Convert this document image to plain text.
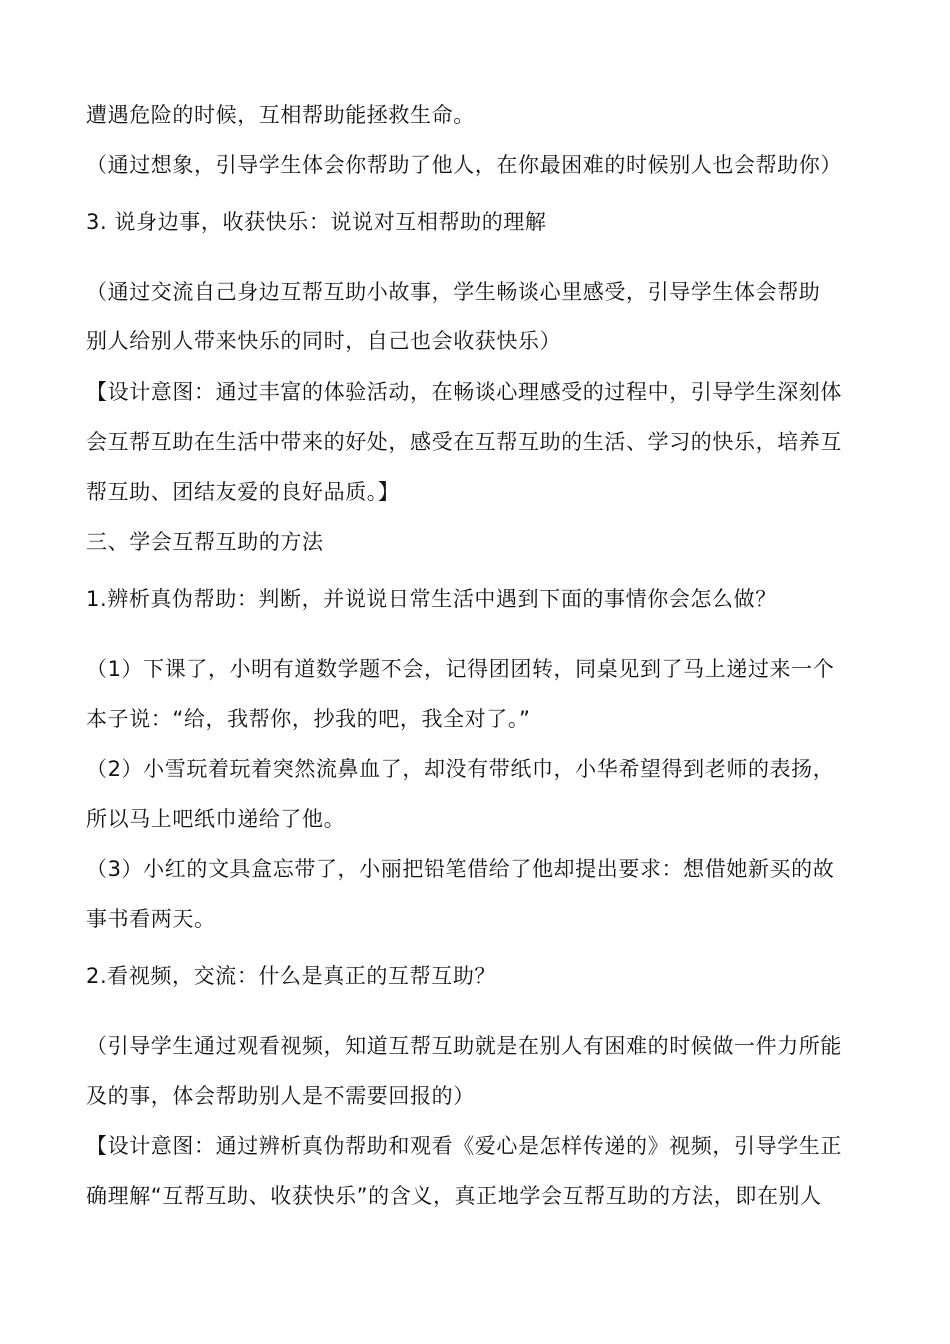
遭遇危险的时候，互相帮助能拯救生命。
（通过想象，引导学生体会你帮助了他人，在你最困难的时候别人也会帮助你）
3. 说身边事，收获快乐：说说对互相帮助的理解
（通过交流自己身边互帮互助小故事，学生畅谈心里感受，引导学生体会帮助
别人给别人带来快乐的同时，自己也会收获快乐）
【设计意图：通过丰富的体验活动，在畅谈心理感受的过程中，引导学生深刻体
会互帮互助在生活中带来的好处，感受在互帮互助的生活、学习的快乐，培养互
帮互助、团结友爱的良好品质。】
三、学会互帮互助的方法
1.辨析真伪帮助：判断，并说说日常生活中遇到下面的事情你会怎么做？
（1）下课了，小明有道数学题不会，记得团团转，同桌见到了马上递过来一个
本子说：“给，我帮你，抄我的吧，我全对了。”
（2）小雪玩着玩着突然流鼻血了，却没有带纸巾，小华希望得到老师的表扬，
所以马上吧纸巾递给了他。
（3）小红的文具盒忘带了，小丽把铅笔借给了他却提出要求：想借她新买的故
事书看两天。
2.看视频，交流：什么是真正的互帮互助？
（引导学生通过观看视频，知道互帮互助就是在别人有困难的时候做一件力所能
及的事，体会帮助别人是不需要回报的）
【设计意图：通过辨析真伪帮助和观看《爱心是怎样传递的》视频，引导学生正
确理解“互帮互助、收获快乐”的含义，真正地学会互帮互助的方法，即在别人
